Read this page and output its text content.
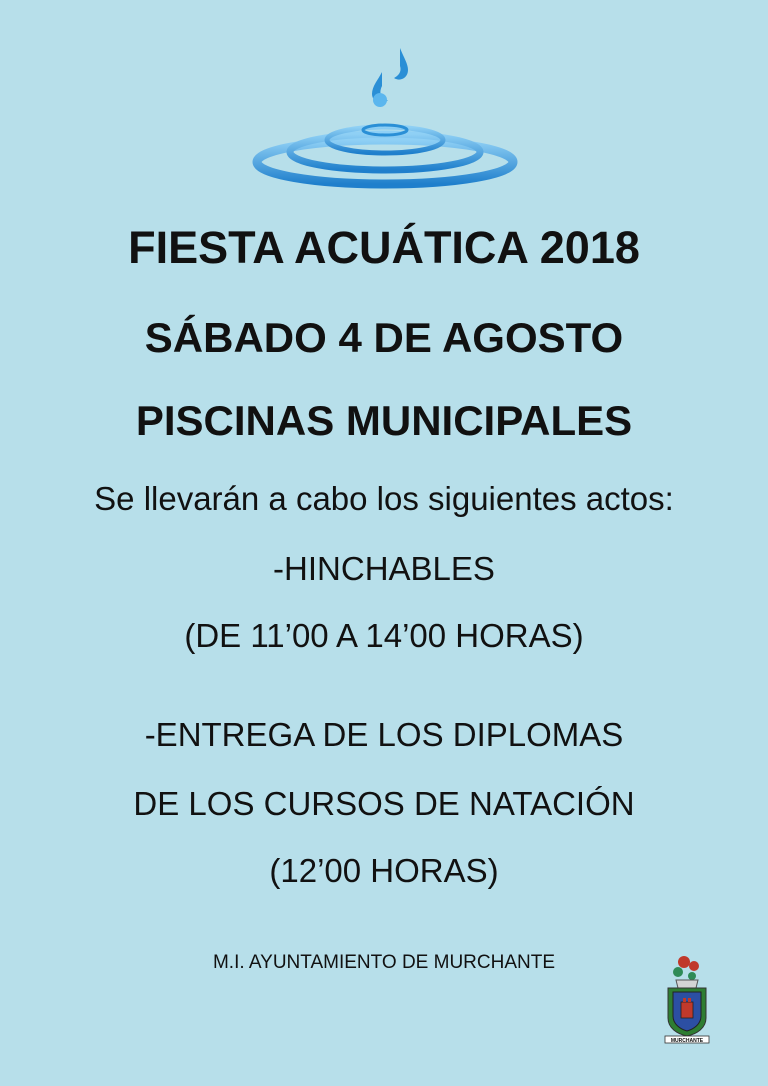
FIESTA ACUÁTICA 2018
SÁBADO 4 DE AGOSTO
PISCINAS MUNICIPALES
Se llevarán a cabo los siguientes actos:
-HINCHABLES
(DE 11’00 A 14’00 HORAS)
-ENTREGA DE LOS DIPLOMAS
DE LOS CURSOS DE NATACIÓN
(12’00 HORAS)
M.I. AYUNTAMIENTO DE MURCHANTE
MURCHANTE
